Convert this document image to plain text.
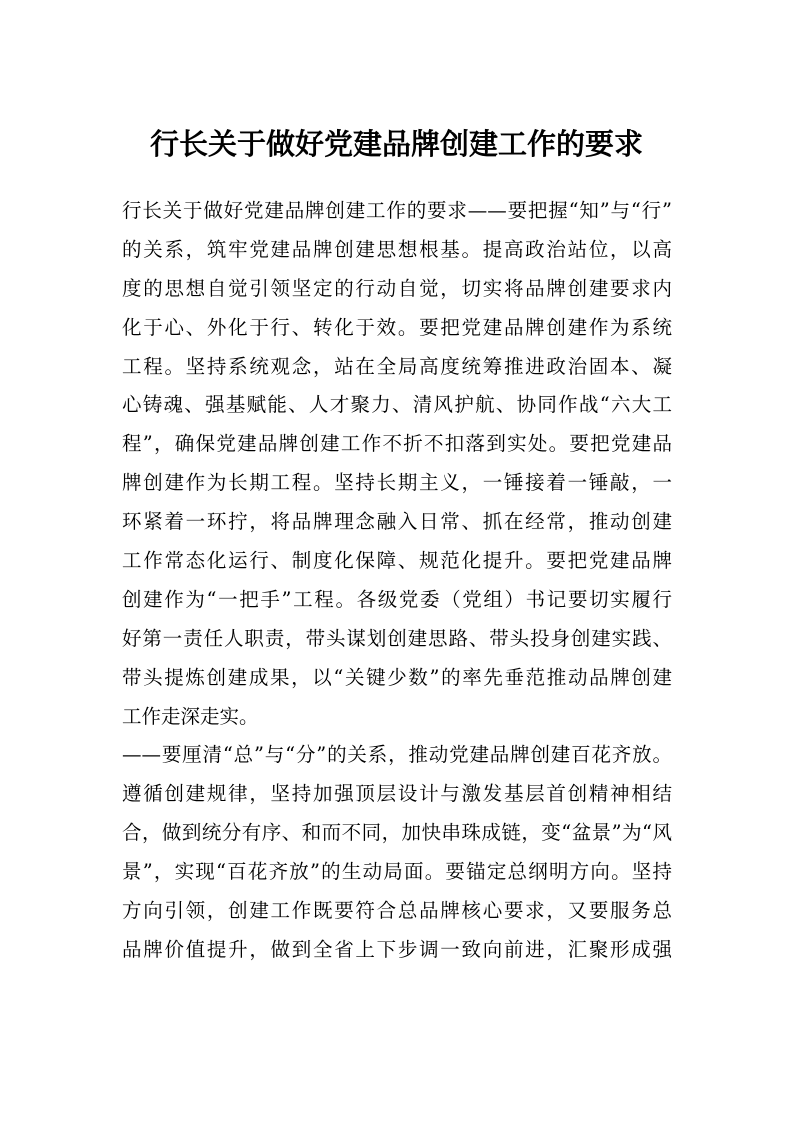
行长关于做好党建品牌创建工作的要求
行长关于做好党建品牌创建工作的要求——要把握“知”与“行”
的关系，筑牢党建品牌创建思想根基。提高政治站位，以高
度的思想自觉引领坚定的行动自觉，切实将品牌创建要求内
化于心、外化于行、转化于效。要把党建品牌创建作为系统
工程。坚持系统观念，站在全局高度统筹推进政治固本、凝
心铸魂、强基赋能、人才聚力、清风护航、协同作战“六大工
程”，确保党建品牌创建工作不折不扣落到实处。要把党建品
牌创建作为长期工程。坚持长期主义，一锤接着一锤敲，一
环紧着一环拧，将品牌理念融入日常、抓在经常，推动创建
工作常态化运行、制度化保障、规范化提升。要把党建品牌
创建作为“一把手”工程。各级党委（党组）书记要切实履行
好第一责任人职责，带头谋划创建思路、带头投身创建实践、
带头提炼创建成果，以“关键少数”的率先垂范推动品牌创建
工作走深走实。
——要厘清“总”与“分”的关系，推动党建品牌创建百花齐放。
遵循创建规律，坚持加强顶层设计与激发基层首创精神相结
合，做到统分有序、和而不同，加快串珠成链，变“盆景”为“风
景”，实现“百花齐放”的生动局面。要锚定总纲明方向。坚持
方向引领，创建工作既要符合总品牌核心要求，又要服务总
品牌价值提升，做到全省上下步调一致向前进，汇聚形成强
